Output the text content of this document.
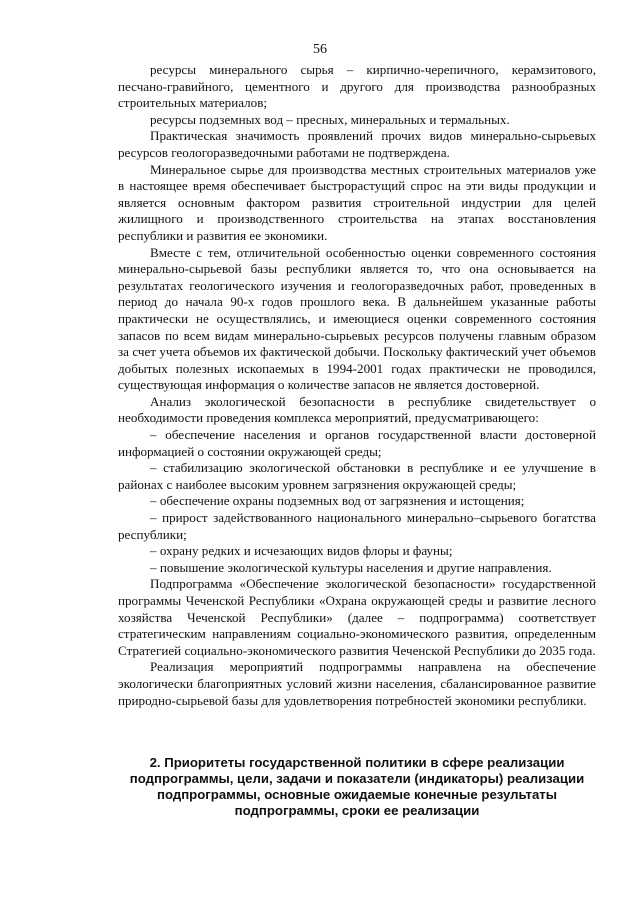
56

ресурсы минерального сырья – кирпично-черепичного, керамзитового, песчано-гравийного, цементного и другого для производства разнообразных строительных материалов;

ресурсы подземных вод – пресных, минеральных и термальных.

Практическая значимость проявлений прочих видов минерально-сырьевых ресурсов геологоразведочными работами не подтверждена.

Минеральное сырье для производства местных строительных материалов уже в настоящее время обеспечивает быстрорастущий спрос на эти виды продукции и является основным фактором развития строительной индустрии для целей жилищного и производственного строительства на этапах восстановления республики и развития ее экономики.

Вместе с тем, отличительной особенностью оценки современного состояния минерально-сырьевой базы республики является то, что она основывается на результатах геологического изучения и геологоразведочных работ, проведенных в период до начала 90-х годов прошлого века. В дальнейшем указанные работы практически не осуществлялись, и имеющиеся оценки современного состояния запасов по всем видам минерально-сырьевых ресурсов получены главным образом за счет учета объемов их фактической добычи. Поскольку фактический учет объемов добытых полезных ископаемых в 1994-2001 годах практически не проводился, существующая информация о количестве запасов не является достоверной.

Анализ экологической безопасности в республике свидетельствует о необходимости проведения комплекса мероприятий, предусматривающего:

– обеспечение населения и органов государственной власти достоверной информацией о состоянии окружающей среды;

– стабилизацию экологической обстановки в республике и ее улучшение в районах с наиболее высоким уровнем загрязнения окружающей среды;

– обеспечение охраны подземных вод от загрязнения и истощения;

– прирост задействованного национального минерально–сырьевого богатства республики;

– охрану редких и исчезающих видов флоры и фауны;

– повышение экологической культуры населения и другие направления.

Подпрограмма «Обеспечение экологической безопасности» государственной программы Чеченской Республики «Охрана окружающей среды и развитие лесного хозяйства Чеченской Республики» (далее – подпрограмма) соответствует стратегическим направлениям социально-экономического развития, определенным Стратегией социально-экономического развития Чеченской Республики до 2035 года.

Реализация мероприятий подпрограммы направлена на обеспечение экологически благоприятных условий жизни населения, сбалансированное развитие природно-сырьевой базы для удовлетворения потребностей экономики республики.

2. Приоритеты государственной политики в сфере реализации
подпрограммы, цели, задачи и показатели (индикаторы) реализации
подпрограммы, основные ожидаемые конечные результаты
подпрограммы, сроки ее реализации
